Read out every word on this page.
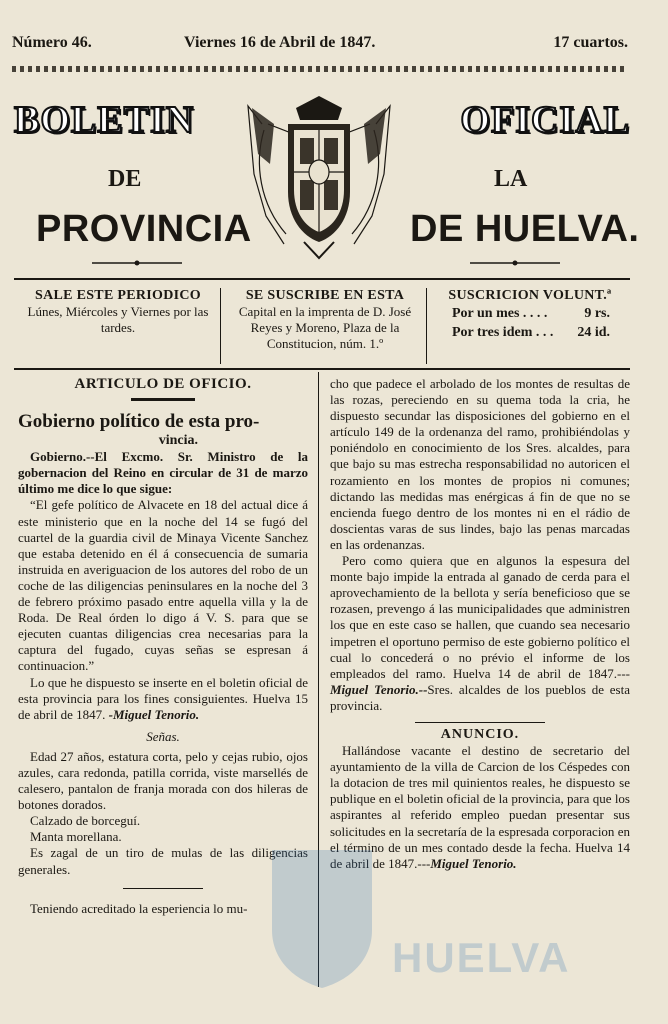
Número 46.	Viernes 16 de Abril de 1847.	17 cuartos.
BOLETIN	OFICIAL
DE	LA
PROVINCIA	DE HUELVA.
SALE ESTE PERIODICO
Lúnes, Miércoles y Viernes por las tardes.
SE SUSCRIBE EN ESTA
Capital en la imprenta de D. José Reyes y Moreno, Plaza de la Constitucion, núm. 1.º
SUSCRICION VOLUNT.ª
Por un mes . . . .	9 rs.
Por tres idem . . . 24 id.
ARTICULO DE OFICIO.
Gobierno político de esta pro-
vincia.

Gobierno.--El Excmo. Sr. Ministro de la gobernacion del Reino en circular de 31 de marzo último me dice lo que sigue:

“El gefe político de Alvacete en 18 del actual dice á este ministerio que en la noche del 14 se fugó del cuartel de la guardia civil de Minaya Vicente Sanchez que estaba detenido en él á consecuencia de sumaria instruida en averiguacion de los autores del robo de un coche de las diligencias peninsulares en la noche del 3 de febrero próximo pasado entre aquella villa y la de Roda. De Real órden lo digo á V. S. para que se ejecuten cuantas diligencias crea necesarias para la captura del fugado, cuyas señas se espresan á continuacion.”

Lo que he dispuesto se inserte en el boletin oficial de esta provincia para los fines consiguientes. Huelva 15 de abril de 1847. -Miguel Tenorio.

Señas.

Edad 27 años, estatura corta, pelo y cejas rubio, ojos azules, cara redonda, patilla corrida, viste marsellés de calesero, pantalon de franja morada con dos hileras de botones dorados.

Calzado de borceguí.

Manta morellana.

Es zagal de un tiro de mulas de las diligencias generales.

Teniendo acreditado la esperiencia lo mu-

cho que padece el arbolado de los montes de resultas de las rozas, pereciendo en su quema toda la cria, he dispuesto secundar las disposiciones del gobierno en el artículo 149 de la ordenanza del ramo, prohibiéndolas y poniéndolo en conocimiento de los Sres. alcaldes, para que bajo su mas estrecha responsabilidad no autoricen el rozamiento en los montes de propios ni comunes; dictando las medidas mas enérgicas á fin de que no se encienda fuego dentro de los montes ni en el rádio de doscientas varas de sus lindes, bajo las penas marcadas en las ordenanzas.

Pero como quiera que en algunos la espesura del monte bajo impide la entrada al ganado de cerda para el aprovechamiento de la bellota y sería beneficioso que se rozasen, prevengo á las municipalidades que administren los que en este caso se hallen, que cuando sea necesario impetren el oportuno permiso de este gobierno político el cual lo concederá o no prévio el informe de los empleados del ramo. Huelva 14 de abril de 1847.---Miguel Tenorio.--Sres. alcaldes de los pueblos de esta provincia.

ANUNCIO.

Hallándose vacante el destino de secretario del ayuntamiento de la villa de Carcion de los Céspedes con la dotacion de tres mil quinientos reales, he dispuesto se publique en el boletin oficial de la provincia, para que los aspirantes al referido empleo puedan presentar sus solicitudes en la secretaría de la espresada corporacion en el término de un mes contado desde la fecha. Huelva 14 de abril de 1847.---Miguel Tenorio.

HUELVA
